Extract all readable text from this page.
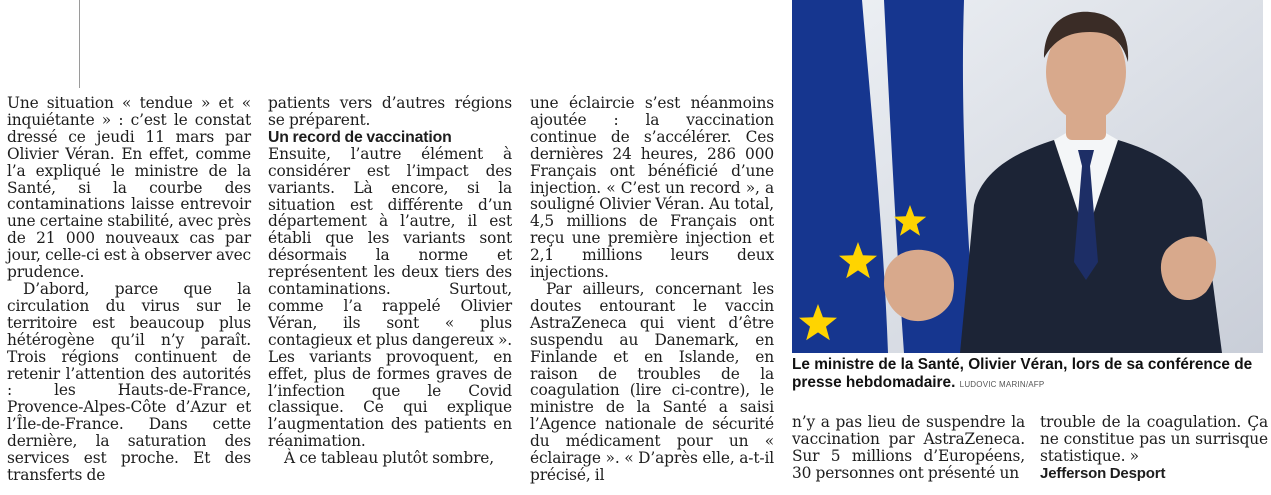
Une situation « tendue » et « inquiétante » : c’est le constat dressé ce jeudi 11 mars par Olivier Véran. En effet, comme l’a expliqué le ministre de la Santé, si la courbe des contaminations laisse entrevoir une certaine stabilité, avec près de 21 000 nouveaux cas par jour, celle-ci est à observer avec prudence.

D’abord, parce que la circulation du virus sur le territoire est beaucoup plus hétérogène qu’il n’y paraît. Trois régions continuent de retenir l’attention des autorités : les Hauts-de-France, Provence-Alpes-Côte d’Azur et l’Île-de-France. Dans cette dernière, la saturation des services est proche. Et des transferts de

patients vers d’autres régions se préparent.

Un record de vaccination

Ensuite, l’autre élément à considérer est l’impact des variants. Là encore, si la situation est différente d’un département à l’autre, il est établi que les variants sont désormais la norme et représentent les deux tiers des contaminations. Surtout, comme l’a rappelé Olivier Véran, ils sont « plus contagieux et plus dangereux ». Les variants provoquent, en effet, plus de formes graves de l’infection que le Covid classique. Ce qui explique l’augmentation des patients en réanimation.

À ce tableau plutôt sombre,

une éclaircie s’est néanmoins ajoutée : la vaccination continue de s’accélérer. Ces dernières 24 heures, 286 000 Français ont bénéficié d’une injection. « C’est un record », a souligné Olivier Véran. Au total, 4,5 millions de Français ont reçu une première injection et 2,1 millions leurs deux injections.

Par ailleurs, concernant les doutes entourant le vaccin AstraZeneca qui vient d’être suspendu au Danemark, en Finlande et en Islande, en raison de troubles de la coagulation (lire ci-contre), le ministre de la Santé a saisi l’Agence nationale de sécurité du médicament pour un « éclairage ». « D’après elle, a-t-il précisé, il

Le ministre de la Santé, Olivier Véran, lors de sa conférence de presse hebdomadaire. LUDOVIC MARIN/AFP

n’y a pas lieu de suspendre la vaccination par AstraZeneca. Sur 5 millions d’Européens, 30 personnes ont présenté un

trouble de la coagulation. Ça ne constitue pas un surrisque statistique. »

Jefferson Desport
